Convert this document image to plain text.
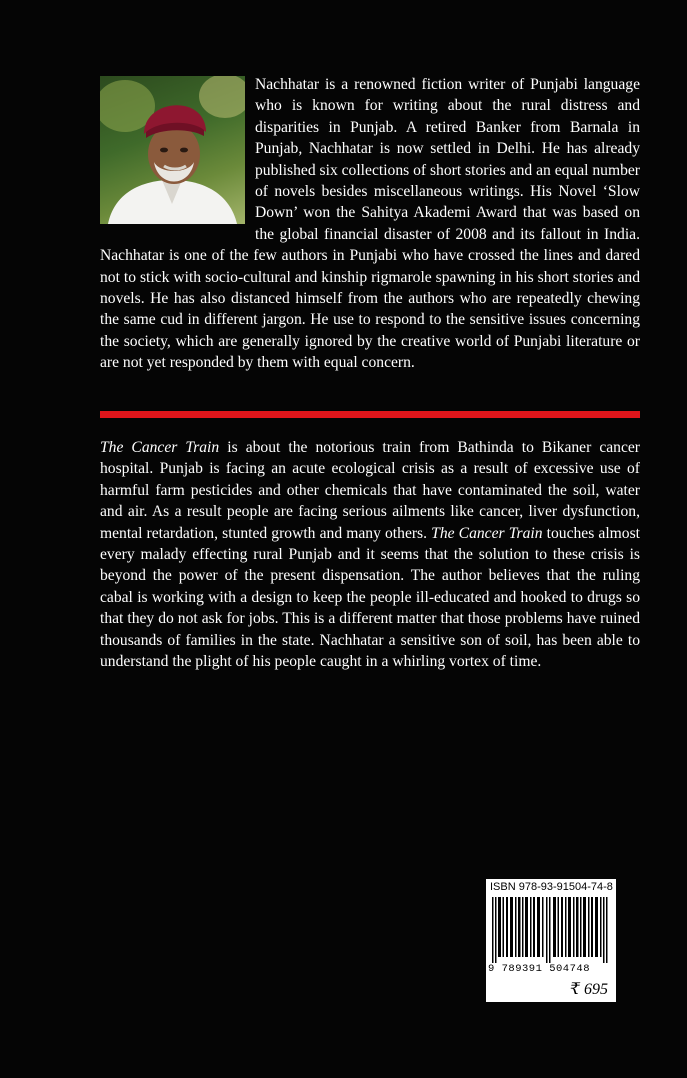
Nachhatar is a renowned fiction writer of Punjabi language who is known for writing about the rural distress and disparities in Punjab. A retired Banker from Barnala in Punjab, Nachhatar is now settled in Delhi. He has already published six collections of short stories and an equal number of novels besides miscellaneous writings. His Novel ‘Slow Down’ won the Sahitya Akademi Award that was based on the global financial disaster of 2008 and its fallout in India. Nachhatar is one of the few authors in Punjabi who have crossed the lines and dared not to stick with socio-cultural and kinship rigmarole spawning in his short stories and novels. He has also distanced himself from the authors who are repeatedly chewing the same cud in different jargon. He use to respond to the sensitive issues concerning the society, which are generally ignored by the creative world of Punjabi literature or are not yet responded by them with equal concern.
The Cancer Train is about the notorious train from Bathinda to Bikaner cancer hospital. Punjab is facing an acute ecological crisis as a result of excessive use of harmful farm pesticides and other chemicals that have contaminated the soil, water and air. As a result people are facing serious ailments like cancer, liver dysfunction, mental retardation, stunted growth and many others. The Cancer Train touches almost every malady effecting rural Punjab and it seems that the solution to these crisis is beyond the power of the present dispensation. The author believes that the ruling cabal is working with a design to keep the people ill-educated and hooked to drugs so that they do not ask for jobs. This is a different matter that those problems have ruined thousands of families in the state. Nachhatar a sensitive son of soil, has been able to understand the plight of his people caught in a whirling vortex of time.
ISBN 978-93-91504-74-8
9 789391 504748
₹ 695
